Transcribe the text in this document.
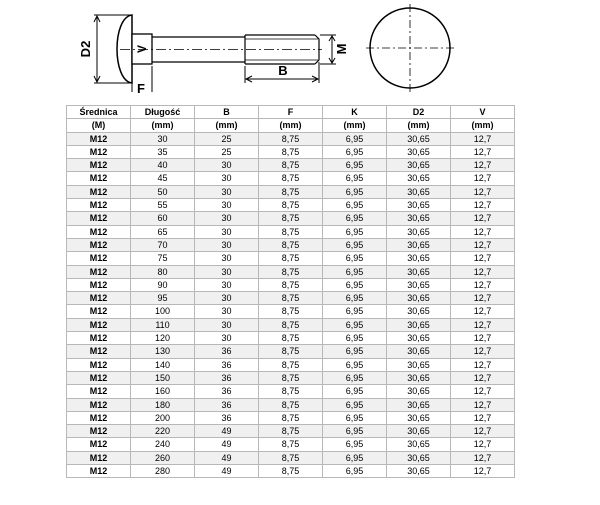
D2	V
F
M
B
Średnica	Długość	B	F	K	D2	V
(M)	(mm)	(mm)	(mm)	(mm)	(mm)	(mm)
M12	30	25	8,75	6,95	30,65	12,7
M12	35	25	8,75	6,95	30,65	12,7
M12	40	30	8,75	6,95	30,65	12,7
M12	45	30	8,75	6,95	30,65	12,7
M12	50	30	8,75	6,95	30,65	12,7
M12	55	30	8,75	6,95	30,65	12,7
M12	60	30	8,75	6,95	30,65	12,7
M12	65	30	8,75	6,95	30,65	12,7
M12	70	30	8,75	6,95	30,65	12,7
M12	75	30	8,75	6,95	30,65	12,7
M12	80	30	8,75	6,95	30,65	12,7
M12	90	30	8,75	6,95	30,65	12,7
M12	95	30	8,75	6,95	30,65	12,7
M12	100	30	8,75	6,95	30,65	12,7
M12	110	30	8,75	6,95	30,65	12,7
M12	120	30	8,75	6,95	30,65	12,7
M12	130	36	8,75	6,95	30,65	12,7
M12	140	36	8,75	6,95	30,65	12,7
M12	150	36	8,75	6,95	30,65	12,7
M12	160	36	8,75	6,95	30,65	12,7
M12	180	36	8,75	6,95	30,65	12,7
M12	200	36	8,75	6,95	30,65	12,7
M12	220	49	8,75	6,95	30,65	12,7
M12	240	49	8,75	6,95	30,65	12,7
M12	260	49	8,75	6,95	30,65	12,7
M12	280	49	8,75	6,95	30,65	12,7
